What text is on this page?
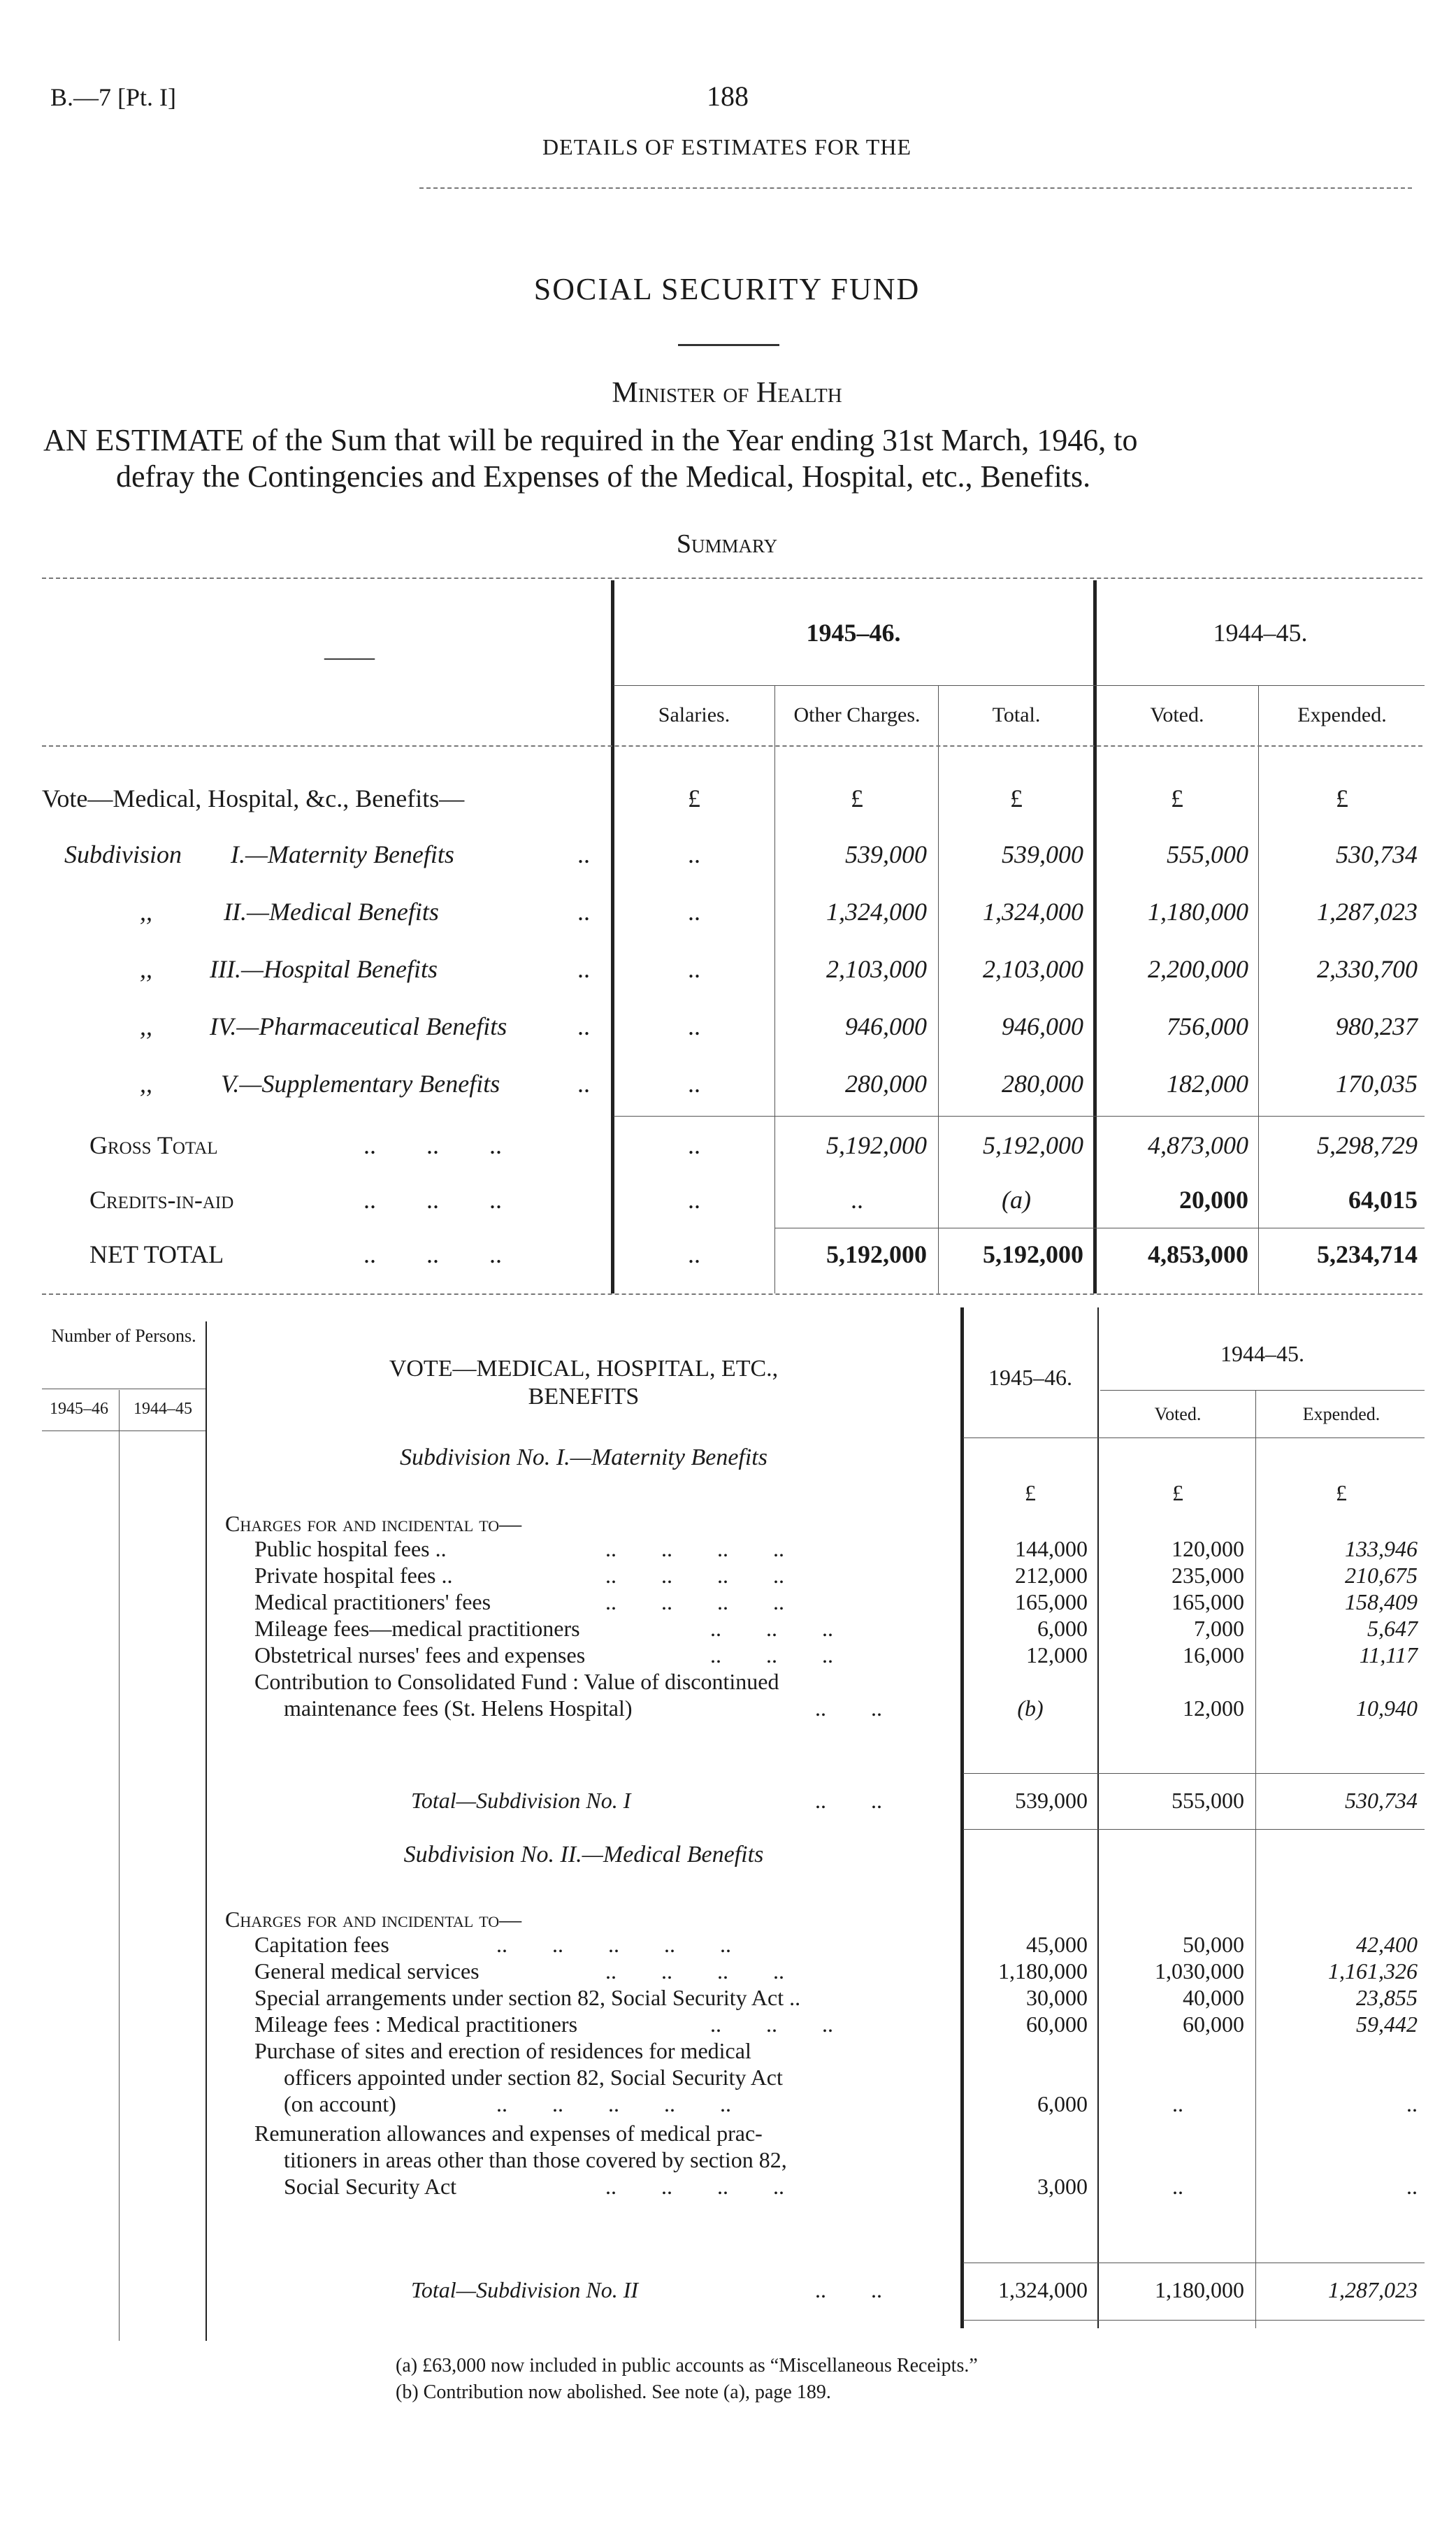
B.—7 [Pt. I]	188
DETAILS OF ESTIMATES FOR THE
SOCIAL SECURITY FUND
Minister of Health
AN ESTIMATE of the Sum that will be required in the Year ending 31st March, 1946, to
defray the Contingencies and Expenses of the Medical, Hospital, etc., Benefits.
Summary
——
1945–46.	1944–45.
Salaries.	Other Charges.	Total.	Voted.	Expended.
Vote—Medical, Hospital, &c., Benefits—	£	£	£	£	£
Subdivision I.—Maternity Benefits	..	..	539,000	539,000	555,000	530,734
,,	II.—Medical Benefits	..	..	1,324,000	1,324,000	1,180,000	1,287,023
,, III.—Hospital Benefits	..	..	2,103,000	2,103,000	2,200,000	2,330,700
,, IV.—Pharmaceutical Benefits	..	..	946,000	946,000	756,000	980,237
,,	V.—Supplementary Benefits	..	..	280,000	280,000	182,000	170,035
Gross Total	..        ..        ..	..	5,192,000	5,192,000	4,873,000	5,298,729
Credits-in-aid	..        ..        ..	..	..	(a)	20,000	64,015
NET TOTAL	..        ..        ..	..	5,192,000	5,192,000	4,853,000	5,234,714
Number of Persons.
1945–46	1944–45
VOTE—MEDICAL, HOSPITAL, ETC.,
BENEFITS
1945–46.
1944–45.
Voted.	Expended.
Subdivision No. I.—Maternity Benefits
£	£	£
Charges for and incidental to—
Public hospital fees ..	..        ..        ..        ..	144,000	120,000	133,946
Private hospital fees ..	..        ..        ..        ..	212,000	235,000	210,675
Medical practitioners' fees	..        ..        ..        ..	165,000	165,000	158,409
Mileage fees—medical practitioners	..        ..        ..	6,000	7,000	5,647
Obstetrical nurses' fees and expenses	..        ..        ..	12,000	16,000	11,117
Contribution to Consolidated Fund : Value of discontinued
maintenance fees (St. Helens Hospital)	..        ..	(b)	12,000	10,940
Total—Subdivision No. I	..        ..	539,000	555,000	530,734
Subdivision No. II.—Medical Benefits
Charges for and incidental to—
Capitation fees	..        ..        ..        ..        ..	45,000	50,000	42,400
General medical services	..        ..        ..        ..	1,180,000	1,030,000	1,161,326
Special arrangements under section 82, Social Security Act ..	30,000	40,000	23,855
Mileage fees : Medical practitioners	..        ..        ..	60,000	60,000	59,442
Purchase of sites and erection of residences for medical
officers appointed under section 82, Social Security Act
(on account)	..        ..        ..        ..        ..	6,000	..	..
Remuneration allowances and expenses of medical prac-
titioners in areas other than those covered by section 82,
Social Security Act	..        ..        ..        ..	3,000	..	..
Total—Subdivision No. II	..        ..	1,324,000	1,180,000	1,287,023
(a) £63,000 now included in public accounts as “Miscellaneous Receipts.”
(b) Contribution now abolished. See note (a), page 189.
